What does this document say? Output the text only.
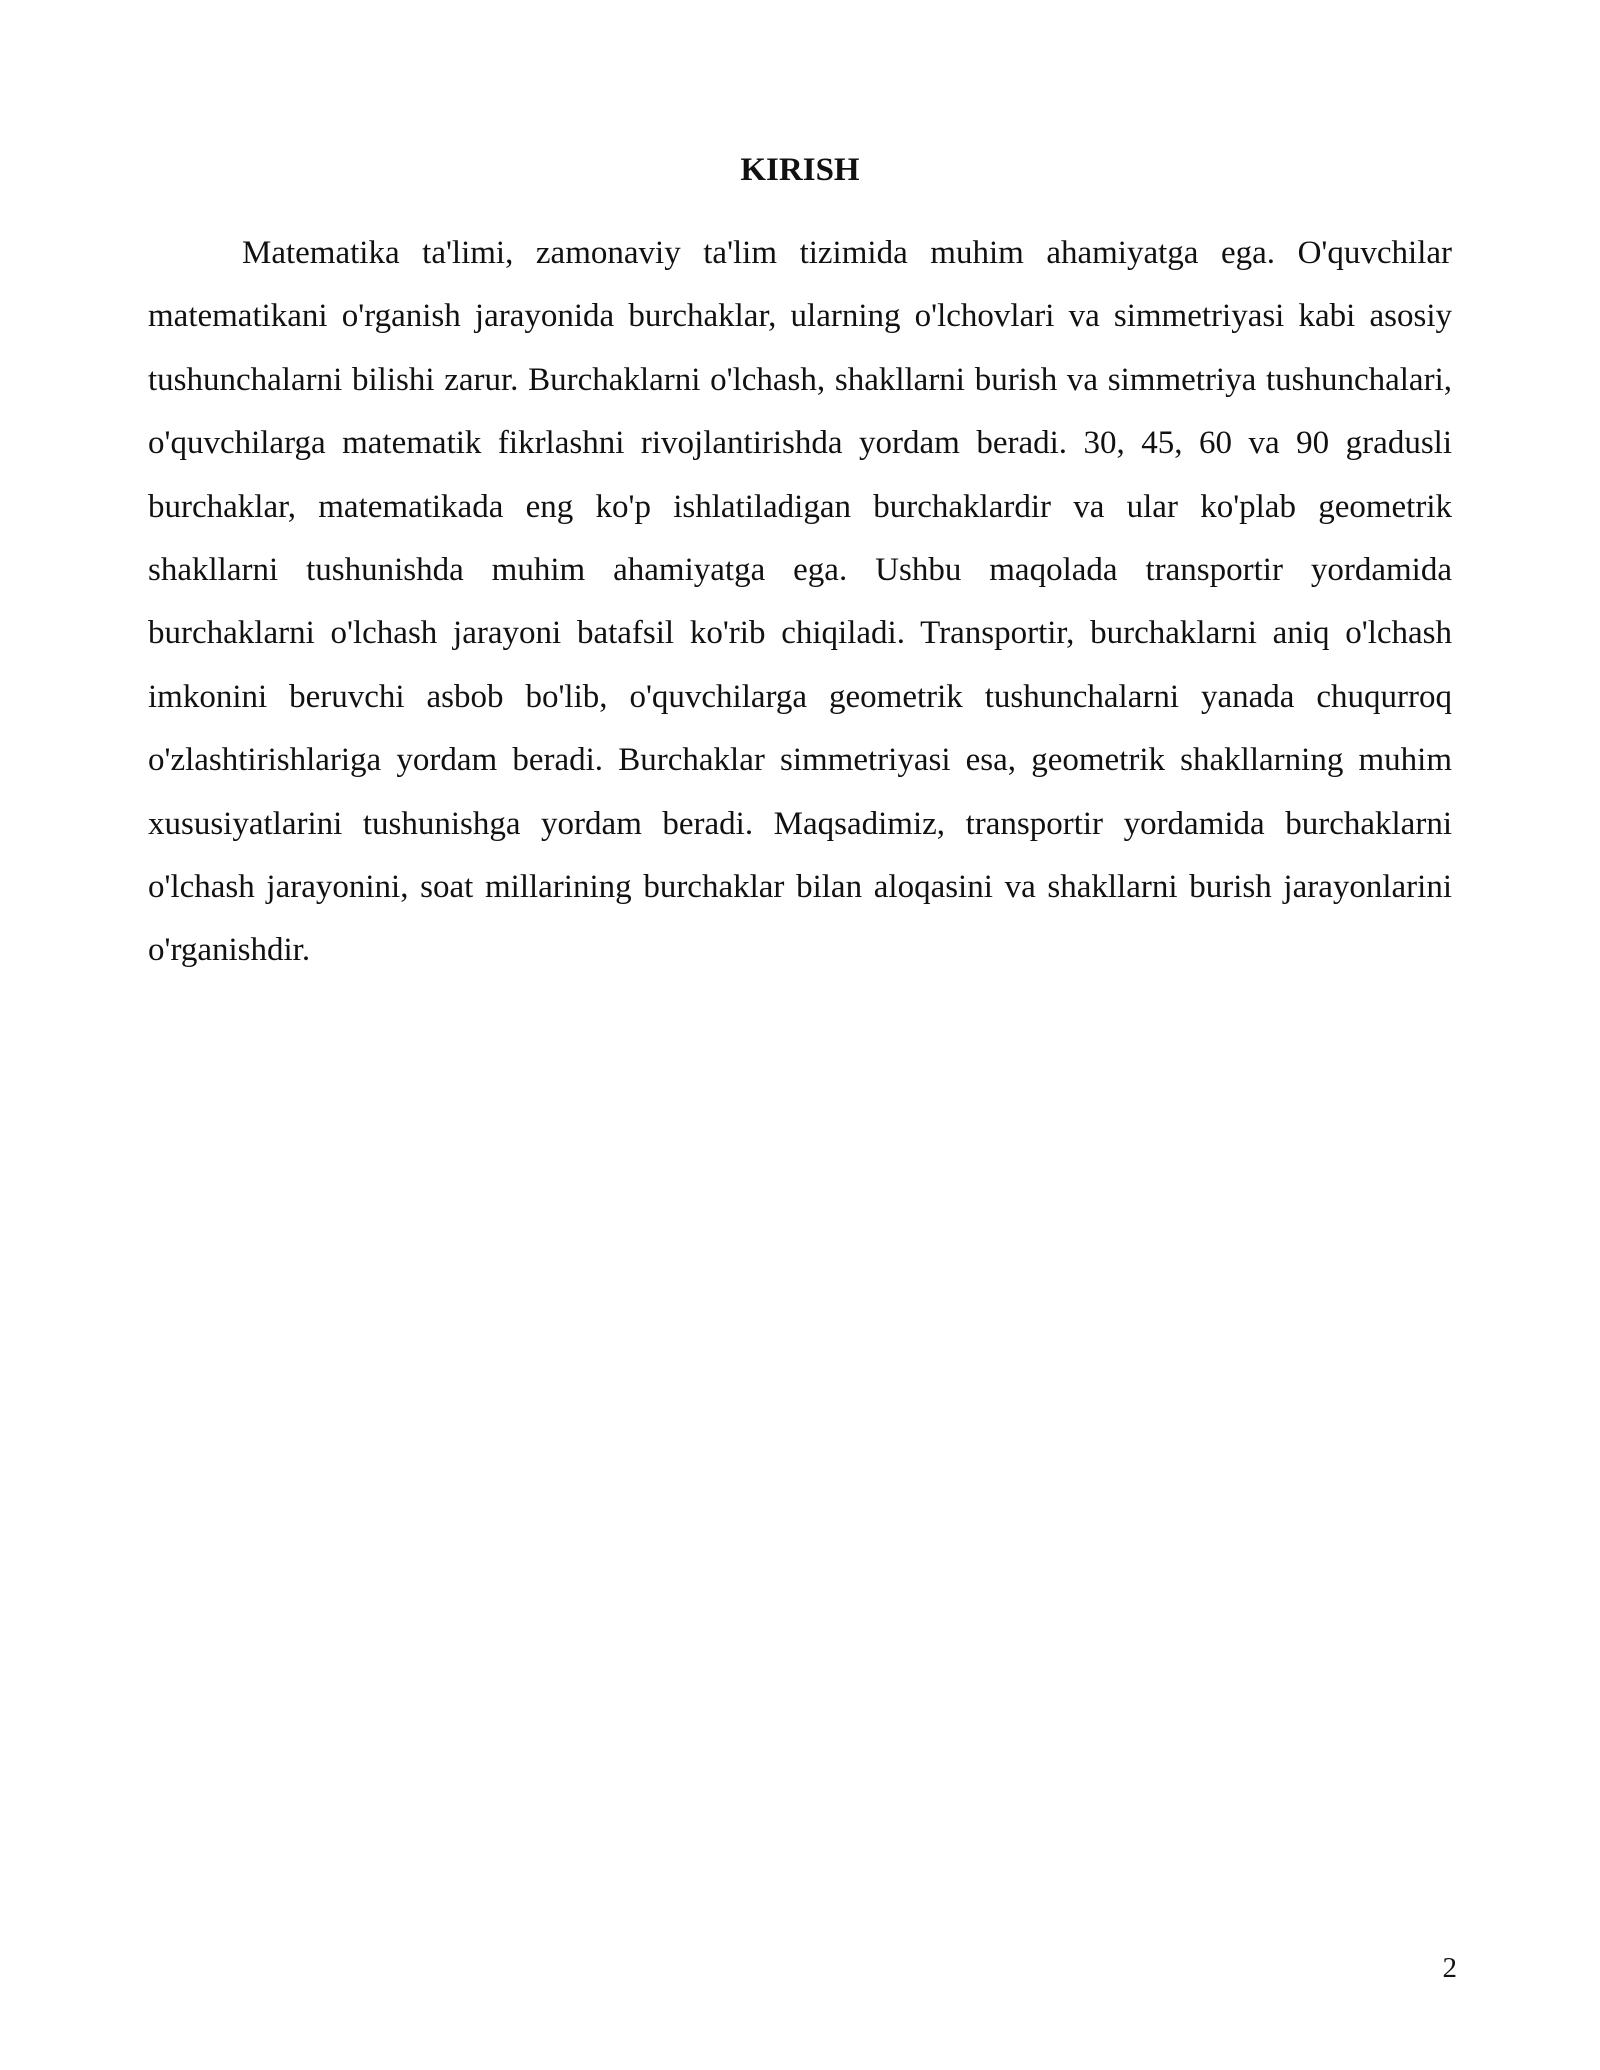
KIRISH

Matematika ta'limi, zamonaviy ta'lim tizimida muhim ahamiyatga ega. O'quvchilar matematikani o'rganish jarayonida burchaklar, ularning o'lchovlari va simmetriyasi kabi asosiy tushunchalarni bilishi zarur. Burchaklarni o'lchash, shakllarni burish va simmetriya tushunchalari, o'quvchilarga matematik fikrlashni rivojlantirishda yordam beradi. 30, 45, 60 va 90 gradusli burchaklar, matematikada eng ko'p ishlatiladigan burchaklardir va ular ko'plab geometrik shakllarni tushunishda muhim ahamiyatga ega. Ushbu maqolada transportir yordamida burchaklarni o'lchash jarayoni batafsil ko'rib chiqiladi. Transportir, burchaklarni aniq o'lchash imkonini beruvchi asbob bo'lib, o'quvchilarga geometrik tushunchalarni yanada chuqurroq o'zlashtirishlariga yordam beradi. Burchaklar simmetriyasi esa, geometrik shakllarning muhim xususiyatlarini tushunishga yordam beradi. Maqsadimiz, transportir yordamida burchaklarni o'lchash jarayonini, soat millarining burchaklar bilan aloqasini va shakllarni burish jarayonlarini o'rganishdir.

2
